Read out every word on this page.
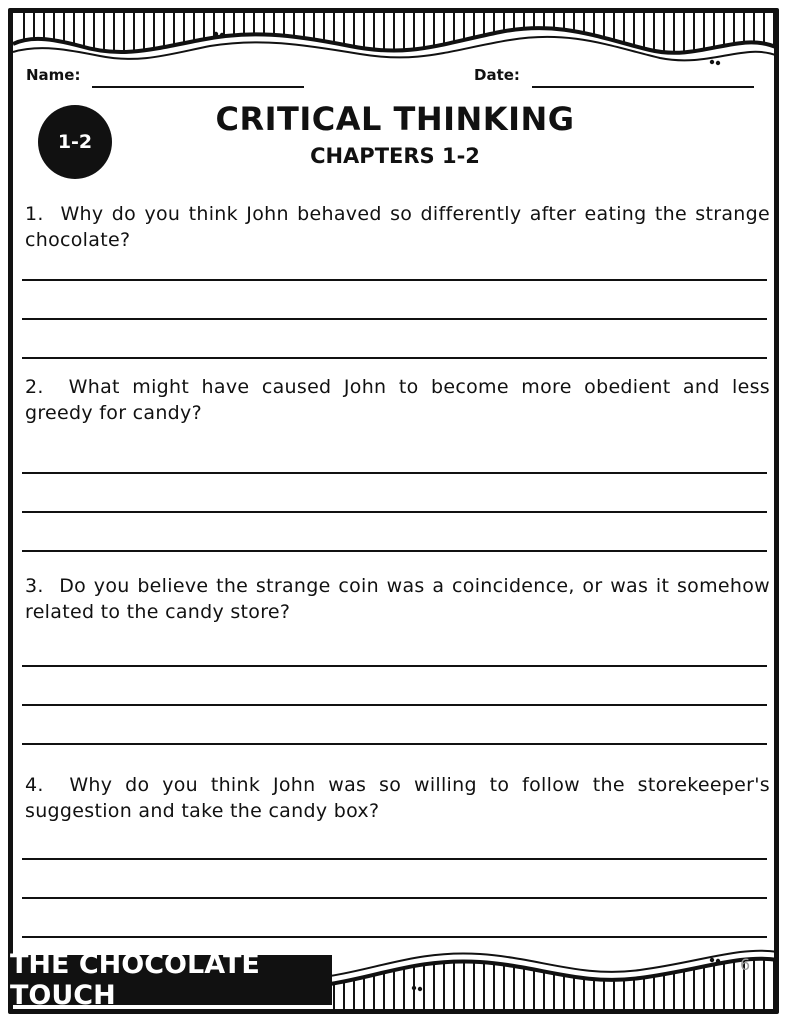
Name:	Date:
1-2
CRITICAL THINKING
CHAPTERS 1-2
1. Why do you think John behaved so differently after eating the strange chocolate?
2. What might have caused John to become more obedient and less greedy for candy?
3. Do you believe the strange coin was a coincidence, or was it somehow related to the candy store?
4. Why do you think John was so willing to follow the storekeeper's suggestion and take the candy box?
THE CHOCOLATE TOUCH
6
